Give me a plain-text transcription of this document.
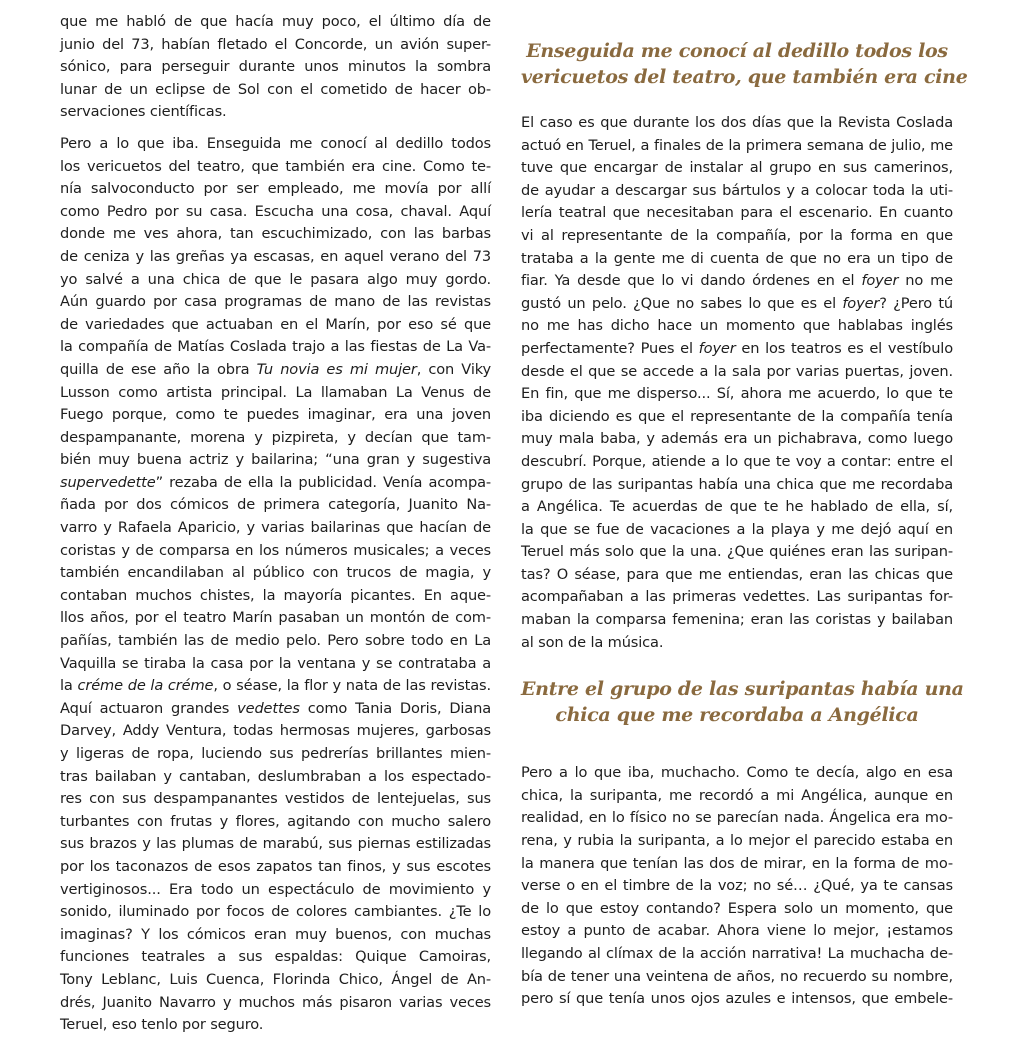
que me habló de que hacía muy poco, el último día de
junio del 73, habían fletado el Concorde, un avión super-
sónico, para perseguir durante unos minutos la sombra
lunar de un eclipse de Sol con el cometido de hacer ob-
servaciones científicas.

Pero a lo que iba. Enseguida me conocí al dedillo todos
los vericuetos del teatro, que también era cine. Como te-
nía salvoconducto por ser empleado, me movía por allí
como Pedro por su casa. Escucha una cosa, chaval. Aquí
donde me ves ahora, tan escuchimizado, con las barbas
de ceniza y las greñas ya escasas, en aquel verano del 73
yo salvé a una chica de que le pasara algo muy gordo.
Aún guardo por casa programas de mano de las revistas
de variedades que actuaban en el Marín, por eso sé que
la compañía de Matías Coslada trajo a las fiestas de La Va-
quilla de ese año la obra Tu novia es mi mujer, con Viky
Lusson como artista principal. La llamaban La Venus de
Fuego porque, como te puedes imaginar, era una joven
despampanante, morena y pizpireta, y decían que tam-
bién muy buena actriz y bailarina; “una gran y sugestiva
supervedette” rezaba de ella la publicidad. Venía acompa-
ñada por dos cómicos de primera categoría, Juanito Na-
varro y Rafaela Aparicio, y varias bailarinas que hacían de
coristas y de comparsa en los números musicales; a veces
también encandilaban al público con trucos de magia, y
contaban muchos chistes, la mayoría picantes. En aque-
llos años, por el teatro Marín pasaban un montón de com-
pañías, también las de medio pelo. Pero sobre todo en La
Vaquilla se tiraba la casa por la ventana y se contrataba a
la créme de la créme, o séase, la flor y nata de las revistas.
Aquí actuaron grandes vedettes como Tania Doris, Diana
Darvey, Addy Ventura, todas hermosas mujeres, garbosas
y ligeras de ropa, luciendo sus pedrerías brillantes mien-
tras bailaban y cantaban, deslumbraban a los espectado-
res con sus despampanantes vestidos de lentejuelas, sus
turbantes con frutas y flores, agitando con mucho salero
sus brazos y las plumas de marabú, sus piernas estilizadas
por los taconazos de esos zapatos tan finos, y sus escotes
vertiginosos... Era todo un espectáculo de movimiento y
sonido, iluminado por focos de colores cambiantes. ¿Te lo
imaginas? Y los cómicos eran muy buenos, con muchas
funciones teatrales a sus espaldas: Quique Camoiras,
Tony Leblanc, Luis Cuenca, Florinda Chico, Ángel de An-
drés, Juanito Navarro y muchos más pisaron varias veces
Teruel, eso tenlo por seguro.

Enseguida me conocí al dedillo todos los
vericuetos del teatro, que también era cine

El caso es que durante los dos días que la Revista Coslada
actuó en Teruel, a finales de la primera semana de julio, me
tuve que encargar de instalar al grupo en sus camerinos,
de ayudar a descargar sus bártulos y a colocar toda la uti-
lería teatral que necesitaban para el escenario. En cuanto
vi al representante de la compañía, por la forma en que
trataba a la gente me di cuenta de que no era un tipo de
fiar. Ya desde que lo vi dando órdenes en el foyer no me
gustó un pelo. ¿Que no sabes lo que es el foyer? ¿Pero tú
no me has dicho hace un momento que hablabas inglés
perfectamente? Pues el foyer en los teatros es el vestíbulo
desde el que se accede a la sala por varias puertas, joven.
En fin, que me disperso... Sí, ahora me acuerdo, lo que te
iba diciendo es que el representante de la compañía tenía
muy mala baba, y además era un pichabrava, como luego
descubrí. Porque, atiende a lo que te voy a contar: entre el
grupo de las suripantas había una chica que me recordaba
a Angélica. Te acuerdas de que te he hablado de ella, sí,
la que se fue de vacaciones a la playa y me dejó aquí en
Teruel más solo que la una. ¿Que quiénes eran las suripan-
tas? O séase, para que me entiendas, eran las chicas que
acompañaban a las primeras vedettes. Las suripantas for-
maban la comparsa femenina; eran las coristas y bailaban
al son de la música.

Entre el grupo de las suripantas había una
chica que me recordaba a Angélica

Pero a lo que iba, muchacho. Como te decía, algo en esa
chica, la suripanta, me recordó a mi Angélica, aunque en
realidad, en lo físico no se parecían nada. Ángelica era mo-
rena, y rubia la suripanta, a lo mejor el parecido estaba en
la manera que tenían las dos de mirar, en la forma de mo-
verse o en el timbre de la voz; no sé… ¿Qué, ya te cansas
de lo que estoy contando? Espera solo un momento, que
estoy a punto de acabar. Ahora viene lo mejor, ¡estamos
llegando al clímax de la acción narrativa! La muchacha de-
bía de tener una veintena de años, no recuerdo su nombre,
pero sí que tenía unos ojos azules e intensos, que embele-
